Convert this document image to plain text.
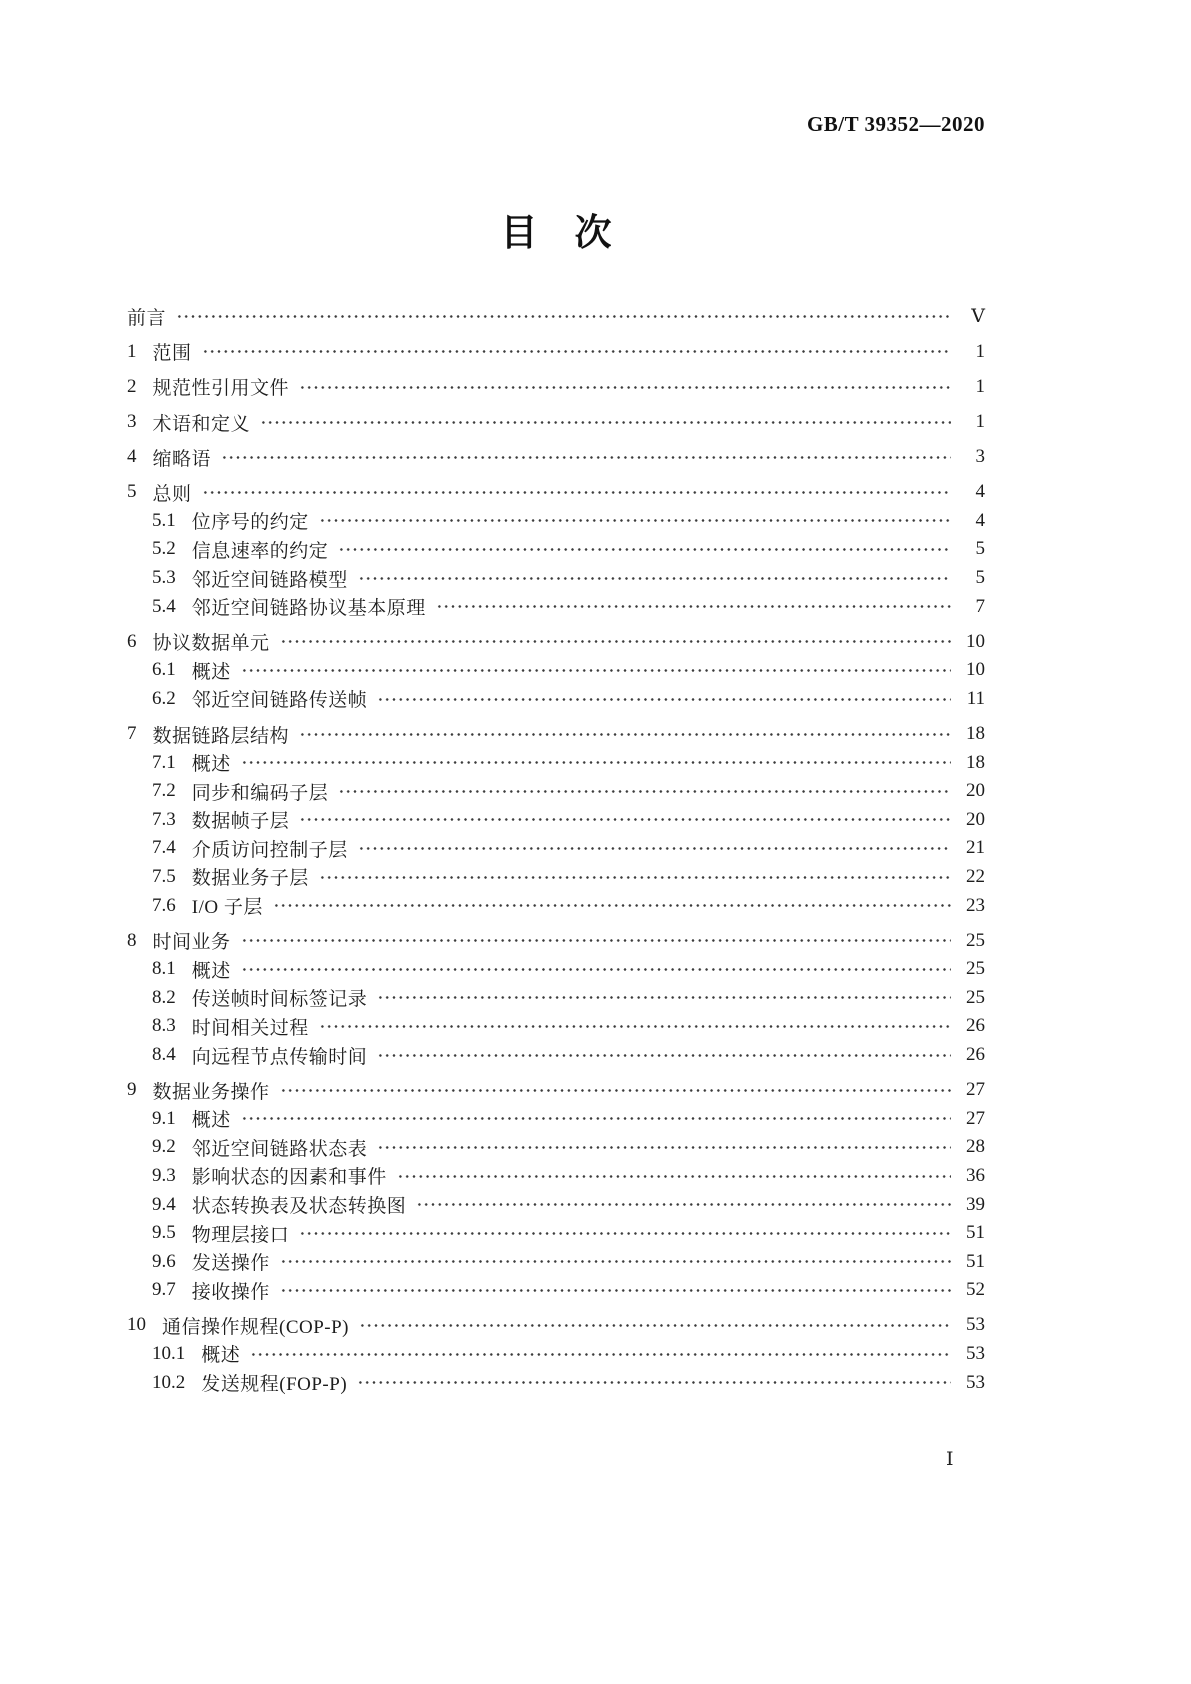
GB/T 39352—2020
目　次
前言	Ⅴ
1 范围	1
2 规范性引用文件	1
3 术语和定义	1
4 缩略语	3
5 总则	4
5.1 位序号的约定	4
5.2 信息速率的约定	5
5.3 邻近空间链路模型	5
5.4 邻近空间链路协议基本原理	7
6 协议数据单元	10
6.1 概述	10
6.2 邻近空间链路传送帧	11
7 数据链路层结构	18
7.1 概述	18
7.2 同步和编码子层	20
7.3 数据帧子层	20
7.4 介质访问控制子层	21
7.5 数据业务子层	22
7.6 I/O 子层	23
8 时间业务	25
8.1 概述	25
8.2 传送帧时间标签记录	25
8.3 时间相关过程	26
8.4 向远程节点传输时间	26
9 数据业务操作	27
9.1 概述	27
9.2 邻近空间链路状态表	28
9.3 影响状态的因素和事件	36
9.4 状态转换表及状态转换图	39
9.5 物理层接口	51
9.6 发送操作	51
9.7 接收操作	52
10 通信操作规程(COP-P)	53
10.1 概述	53
10.2 发送规程(FOP-P)	53
Ⅰ
